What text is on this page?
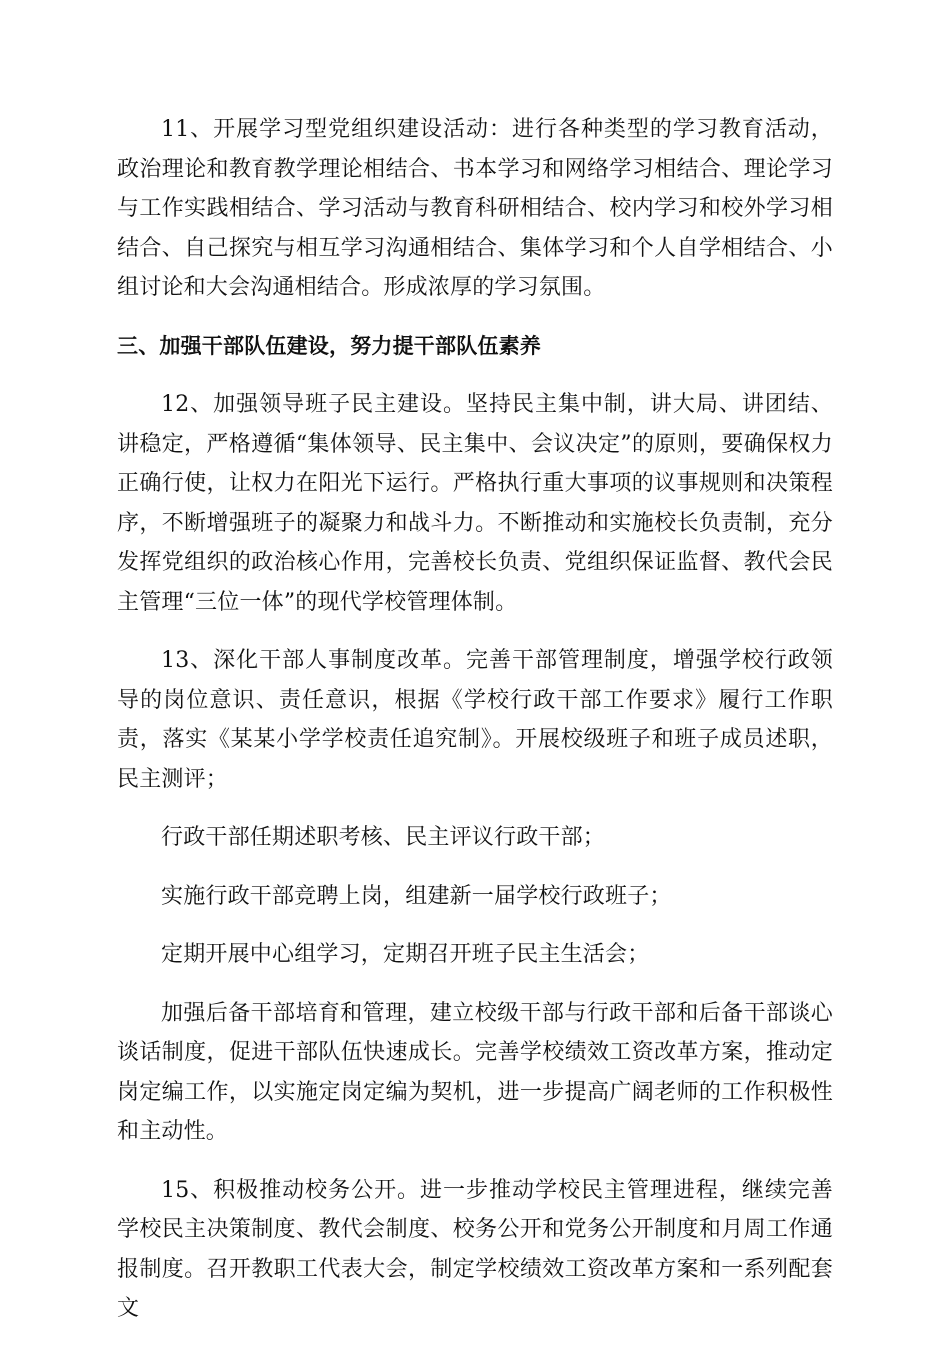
11、开展学习型党组织建设活动：进行各种类型的学习教育活动，政治理论和教育教学理论相结合、书本学习和网络学习相结合、理论学习与工作实践相结合、学习活动与教育科研相结合、校内学习和校外学习相结合、自己探究与相互学习沟通相结合、集体学习和个人自学相结合、小组讨论和大会沟通相结合。形成浓厚的学习氛围。

三、加强干部队伍建设，努力提干部队伍素养

12、加强领导班子民主建设。坚持民主集中制，讲大局、讲团结、讲稳定，严格遵循“集体领导、民主集中、会议决定”的原则，要确保权力正确行使，让权力在阳光下运行。严格执行重大事项的议事规则和决策程序，不断增强班子的凝聚力和战斗力。不断推动和实施校长负责制，充分发挥党组织的政治核心作用，完善校长负责、党组织保证监督、教代会民主管理“三位一体”的现代学校管理体制。

13、深化干部人事制度改革。完善干部管理制度，增强学校行政领导的岗位意识、责任意识，根据《学校行政干部工作要求》履行工作职责，落实《某某小学学校责任追究制》。开展校级班子和班子成员述职，民主测评；

行政干部任期述职考核、民主评议行政干部；

实施行政干部竞聘上岗，组建新一届学校行政班子；

定期开展中心组学习，定期召开班子民主生活会；

加强后备干部培育和管理，建立校级干部与行政干部和后备干部谈心谈话制度，促进干部队伍快速成长。完善学校绩效工资改革方案，推动定岗定编工作，以实施定岗定编为契机，进一步提高广阔老师的工作积极性和主动性。

15、积极推动校务公开。进一步推动学校民主管理进程，继续完善学校民主决策制度、教代会制度、校务公开和党务公开制度和月周工作通报制度。召开教职工代表大会，制定学校绩效工资改革方案和一系列配套文
